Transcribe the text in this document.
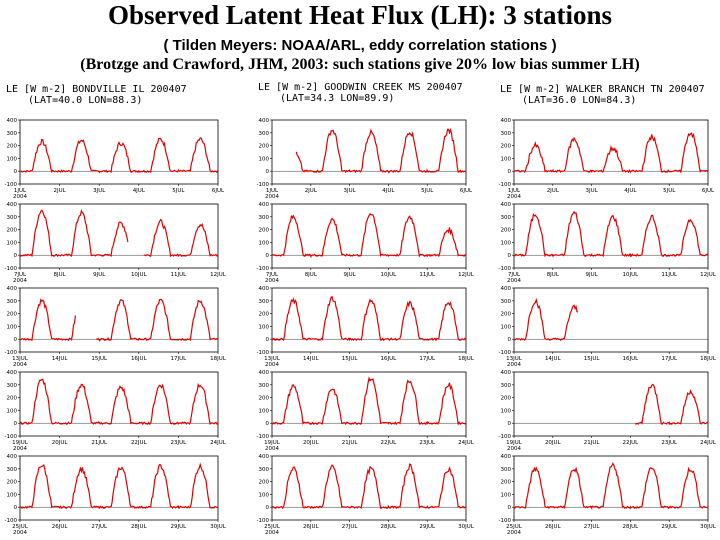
Observed Latent Heat Flux (LH): 3 stations
( Tilden Meyers: NOAA/ARL, eddy correlation stations )
(Brotzge and Crawford, JHM, 2003: such stations give 20% low bias summer LH)
LE [W m-2] BONDVILLE IL 200407
(LAT=40.0 LON=88.3)
400
300
200
100
0
-100
1JUL
2004
2JUL	3JUL	4JUL	5JUL	6JUL
400
300
200
100
0
-100
7JUL
2004
8JUL	9JUL	10JUL	11JUL	12JUL
400
300
200
100
0
-100
13JUL
2004
14JUL	15JUL	16JUL	17JUL	18JUL
400
300
200
100
0
-100
19JUL
2004
20JUL	21JUL	22JUL	23JUL	24JUL
400
300
200
100
0
-100
25JUL
2004
26JUL	27JUL	28JUL	29JUL	30JUL
LE [W m-2] GOODWIN CREEK MS 200407
(LAT=34.3 LON=89.9)
400
300
200
100
0
-100
1JUL
2004
2JUL	3JUL	4JUL	5JUL	6JUL
400
300
200
100
0
-100
7JUL
2004
8JUL	9JUL	10JUL	11JUL	12JUL
400
300
200
100
0
-100
13JUL
2004
14JUL	15JUL	16JUL	17JUL	18JUL
400
300
200
100
0
-100
19JUL
2004
20JUL	21JUL	22JUL	23JUL	24JUL
400
300
200
100
0
-100
25JUL
2004
26JUL	27JUL	28JUL	29JUL	30JUL
LE [W m-2] WALKER BRANCH TN 200407
(LAT=36.0 LON=84.3)
400
300
200
100
0
-100
1JUL
2004
2JUL	3JUL	4JUL	5JUL	6JUL
400
300
200
100
0
-100
7JUL
2004
8JUL	9JUL	10JUL	11JUL	12JUL
400
300
200
100
0
-100
13JUL
2004
14JUL	15JUL	16JUL	17JUL	18JUL
400
300
200
100
0
-100
19JUL
2004
20JUL	21JUL	22JUL	23JUL	24JUL
400
300
200
100
0
-100
25JUL
2004
26JUL	27JUL	28JUL	29JUL	30JUL
